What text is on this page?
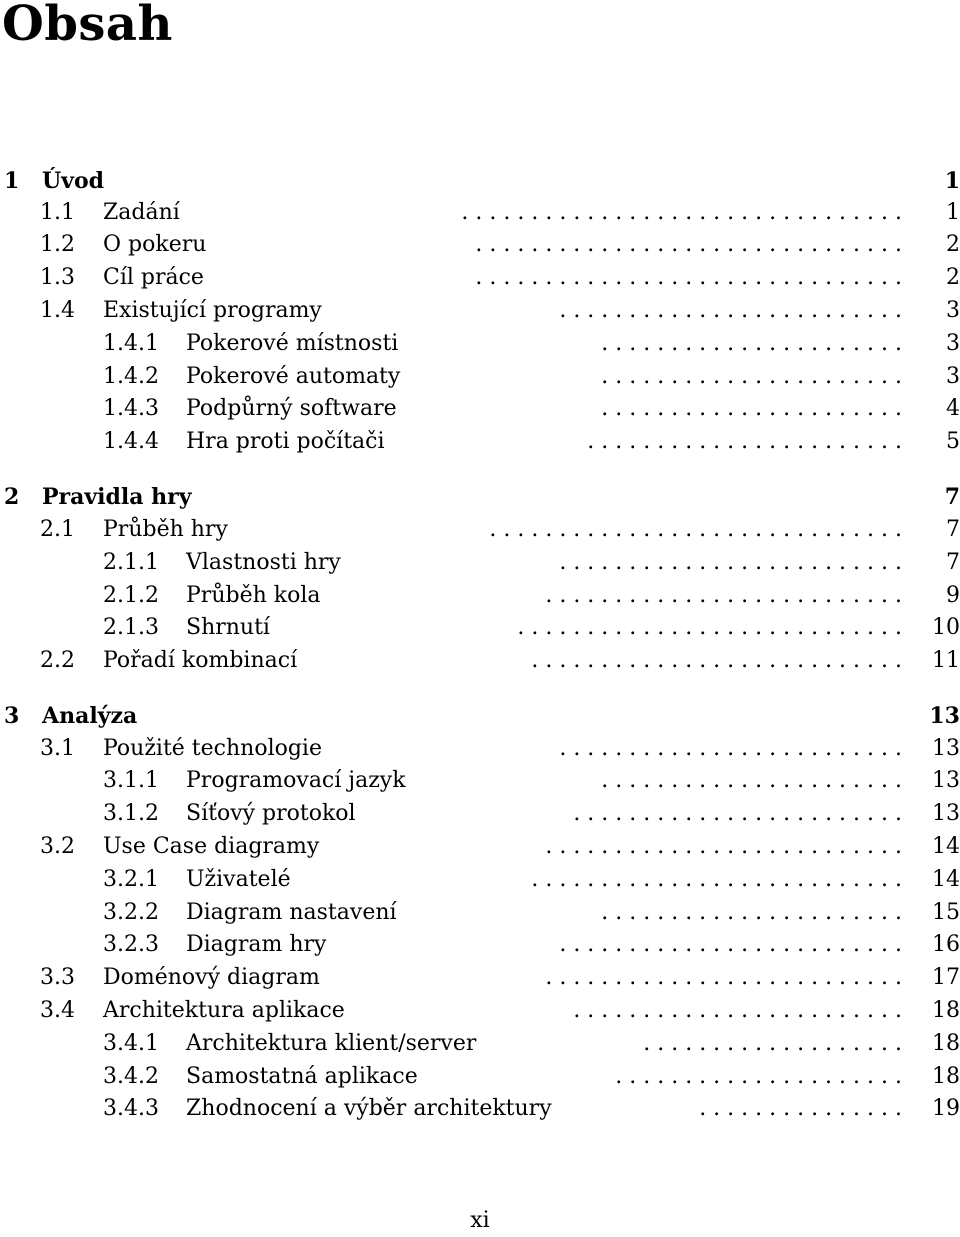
Obsah
1 Úvod	1
1.1 Zadání	. . . . . . . . . . . . . . . . . . . . . . . . . . . . . . . .	1
1.2 O pokeru	. . . . . . . . . . . . . . . . . . . . . . . . . . . . . . .	2
1.3 Cíl práce	. . . . . . . . . . . . . . . . . . . . . . . . . . . . . . .	2
1.4 Existující programy	. . . . . . . . . . . . . . . . . . . . . . . . .	3
1.4.1 Pokerové místnosti	. . . . . . . . . . . . . . . . . . . . . .	3
1.4.2 Pokerové automaty	. . . . . . . . . . . . . . . . . . . . . .	3
1.4.3 Podpůrný software	. . . . . . . . . . . . . . . . . . . . . .	4
1.4.4 Hra proti počítači	. . . . . . . . . . . . . . . . . . . . . . .	5
2 Pravidla hry	7
2.1 Průběh hry	. . . . . . . . . . . . . . . . . . . . . . . . . . . . . .	7
2.1.1 Vlastnosti hry	. . . . . . . . . . . . . . . . . . . . . . . . .	7
2.1.2 Průběh kola	. . . . . . . . . . . . . . . . . . . . . . . . . .	9
2.1.3 Shrnutí	. . . . . . . . . . . . . . . . . . . . . . . . . . . .	10
2.2 Pořadí kombinací	. . . . . . . . . . . . . . . . . . . . . . . . . . .	11
3 Analýza	13
3.1 Použité technologie	. . . . . . . . . . . . . . . . . . . . . . . . .	13
3.1.1 Programovací jazyk	. . . . . . . . . . . . . . . . . . . . . .	13
3.1.2 Síťový protokol	. . . . . . . . . . . . . . . . . . . . . . . .	13
3.2 Use Case diagramy	. . . . . . . . . . . . . . . . . . . . . . . . . .	14
3.2.1 Uživatelé	. . . . . . . . . . . . . . . . . . . . . . . . . . .	14
3.2.2 Diagram nastavení	. . . . . . . . . . . . . . . . . . . . . .	15
3.2.3 Diagram hry	. . . . . . . . . . . . . . . . . . . . . . . . .	16
3.3 Doménový diagram	. . . . . . . . . . . . . . . . . . . . . . . . . .	17
3.4 Architektura aplikace	. . . . . . . . . . . . . . . . . . . . . . . .	18
3.4.1 Architektura klient/server	. . . . . . . . . . . . . . . . . . .	18
3.4.2 Samostatná aplikace	. . . . . . . . . . . . . . . . . . . . .	18
3.4.3 Zhodnocení a výběr architektury	. . . . . . . . . . . . . . .	19
xi
